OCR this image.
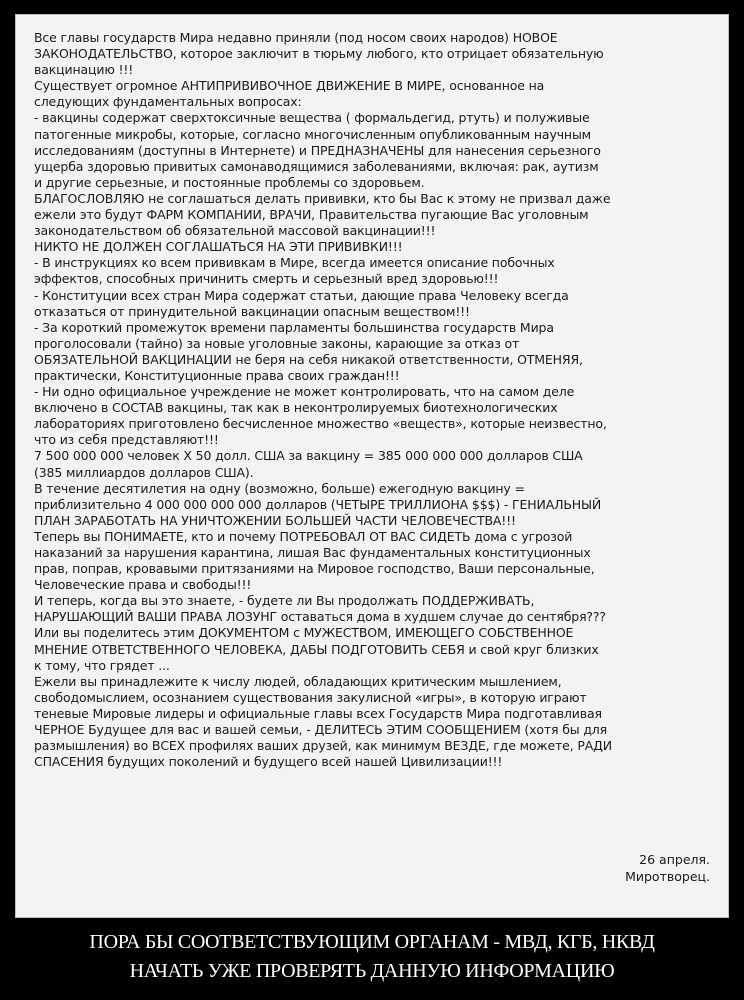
Все главы государств Мира недавно приняли (под носом своих народов) НОВОЕ
ЗАКОНОДАТЕЛЬСТВО, которое заключит в тюрьму любого, кто отрицает обязательную
вакцинацию !!!
Существует огромное АНТИПРИВИВОЧНОЕ ДВИЖЕНИЕ В МИРЕ, основанное на
следующих фундаментальных вопросах:
- вакцины содержат сверхтоксичные вещества ( формальдегид, ртуть) и полуживые
патогенные микробы, которые, согласно многочисленным опубликованным научным
исследованиям (доступны в Интернете) и ПРЕДНАЗНАЧЕНЫ для нанесения серьезного
ущерба здоровью привитых самонаводящимися заболеваниями, включая: рак, аутизм
и другие серьезные, и постоянные проблемы со здоровьем.
БЛАГОСЛОВЛЯЮ не соглашаться делать прививки, кто бы Вас к этому не призвал даже
ежели это будут ФАРМ КОМПАНИИ, ВРАЧИ, Правительства пугающие Вас уголовным
законодательством об обязательной массовой вакцинации!!!
НИКТО НЕ ДОЛЖЕН СОГЛАШАТЬСЯ НА ЭТИ ПРИВИВКИ!!!
- В инструкциях ко всем прививкам в Мире, всегда имеется описание побочных
эффектов, способных причинить смерть и серьезный вред здоровью!!!
- Конституции всех стран Мира содержат статьи, дающие права Человеку всегда
отказаться от принудительной вакцинации опасным веществом!!!
- За короткий промежуток времени парламенты большинства государств Мира
проголосовали (тайно) за новые уголовные законы, карающие за отказ от
ОБЯЗАТЕЛЬНОЙ ВАКЦИНАЦИИ не беря на себя никакой ответственности, ОТМЕНЯЯ,
практически, Конституционные права своих граждан!!!
- Ни одно официальное учреждение не может контролировать, что на самом деле
включено в СОСТАВ вакцины, так как в неконтролируемых биотехнологических
лабораториях приготовлено бесчисленное множество «веществ», которые неизвестно,
что из себя представляют!!!
7 500 000 000 человек X 50 долл. США за вакцину = 385 000 000 000 долларов США
(385 миллиардов долларов США).
В течение десятилетия на одну (возможно, больше) ежегодную вакцину =
приблизительно 4 000 000 000 000 долларов (ЧЕТЫРЕ ТРИЛЛИОНА $$$) - ГЕНИАЛЬНЫЙ
ПЛАН ЗАРАБОТАТЬ НА УНИЧТОЖЕНИИ БОЛЬШЕЙ ЧАСТИ ЧЕЛОВЕЧЕСТВА!!!
Теперь вы ПОНИМАЕТЕ, кто и почему ПОТРЕБОВАЛ ОТ ВАС СИДЕТЬ дома с угрозой
наказаний за нарушения карантина, лишая Вас фундаментальных конституционных
прав, поправ, кровавыми притязаниями на Мировое господство, Ваши персональные,
Человеческие права и свободы!!!
И теперь, когда вы это знаете, - будете ли Вы продолжать ПОДДЕРЖИВАТЬ,
НАРУШАЮЩИЙ ВАШИ ПРАВА ЛОЗУНГ оставаться дома в худшем случае до сентября???
Или вы поделитесь этим ДОКУМЕНТОМ с МУЖЕСТВОМ, ИМЕЮЩЕГО СОБСТВЕННОЕ
МНЕНИЕ ОТВЕТСТВЕННОГО ЧЕЛОВЕКА, ДАБЫ ПОДГОТОВИТЬ СЕБЯ и свой круг близких
к тому, что грядет ...
Ежели вы принадлежите к числу людей, обладающих критическим мышлением,
свободомыслием, осознанием существования закулисной «игры», в которую играют
теневые Мировые лидеры и официальные главы всех Государств Мира подготавливая
ЧЕРНОЕ Будущее для вас и вашей семьи, - ДЕЛИТЕСЬ ЭТИМ СООБЩЕНИЕМ (хотя бы для
размышления) во ВСЕХ профилях ваших друзей, как минимум ВЕЗДЕ, где можете, РАДИ
СПАСЕНИЯ будущих поколений и будущего всей нашей Цивилизации!!!
26 апреля.
Миротворец.
ПОРА БЫ СООТВЕТСТВУЮЩИМ ОРГАНАМ - МВД, КГБ, НКВД
НАЧАТЬ УЖЕ ПРОВЕРЯТЬ ДАННУЮ ИНФОРМАЦИЮ
